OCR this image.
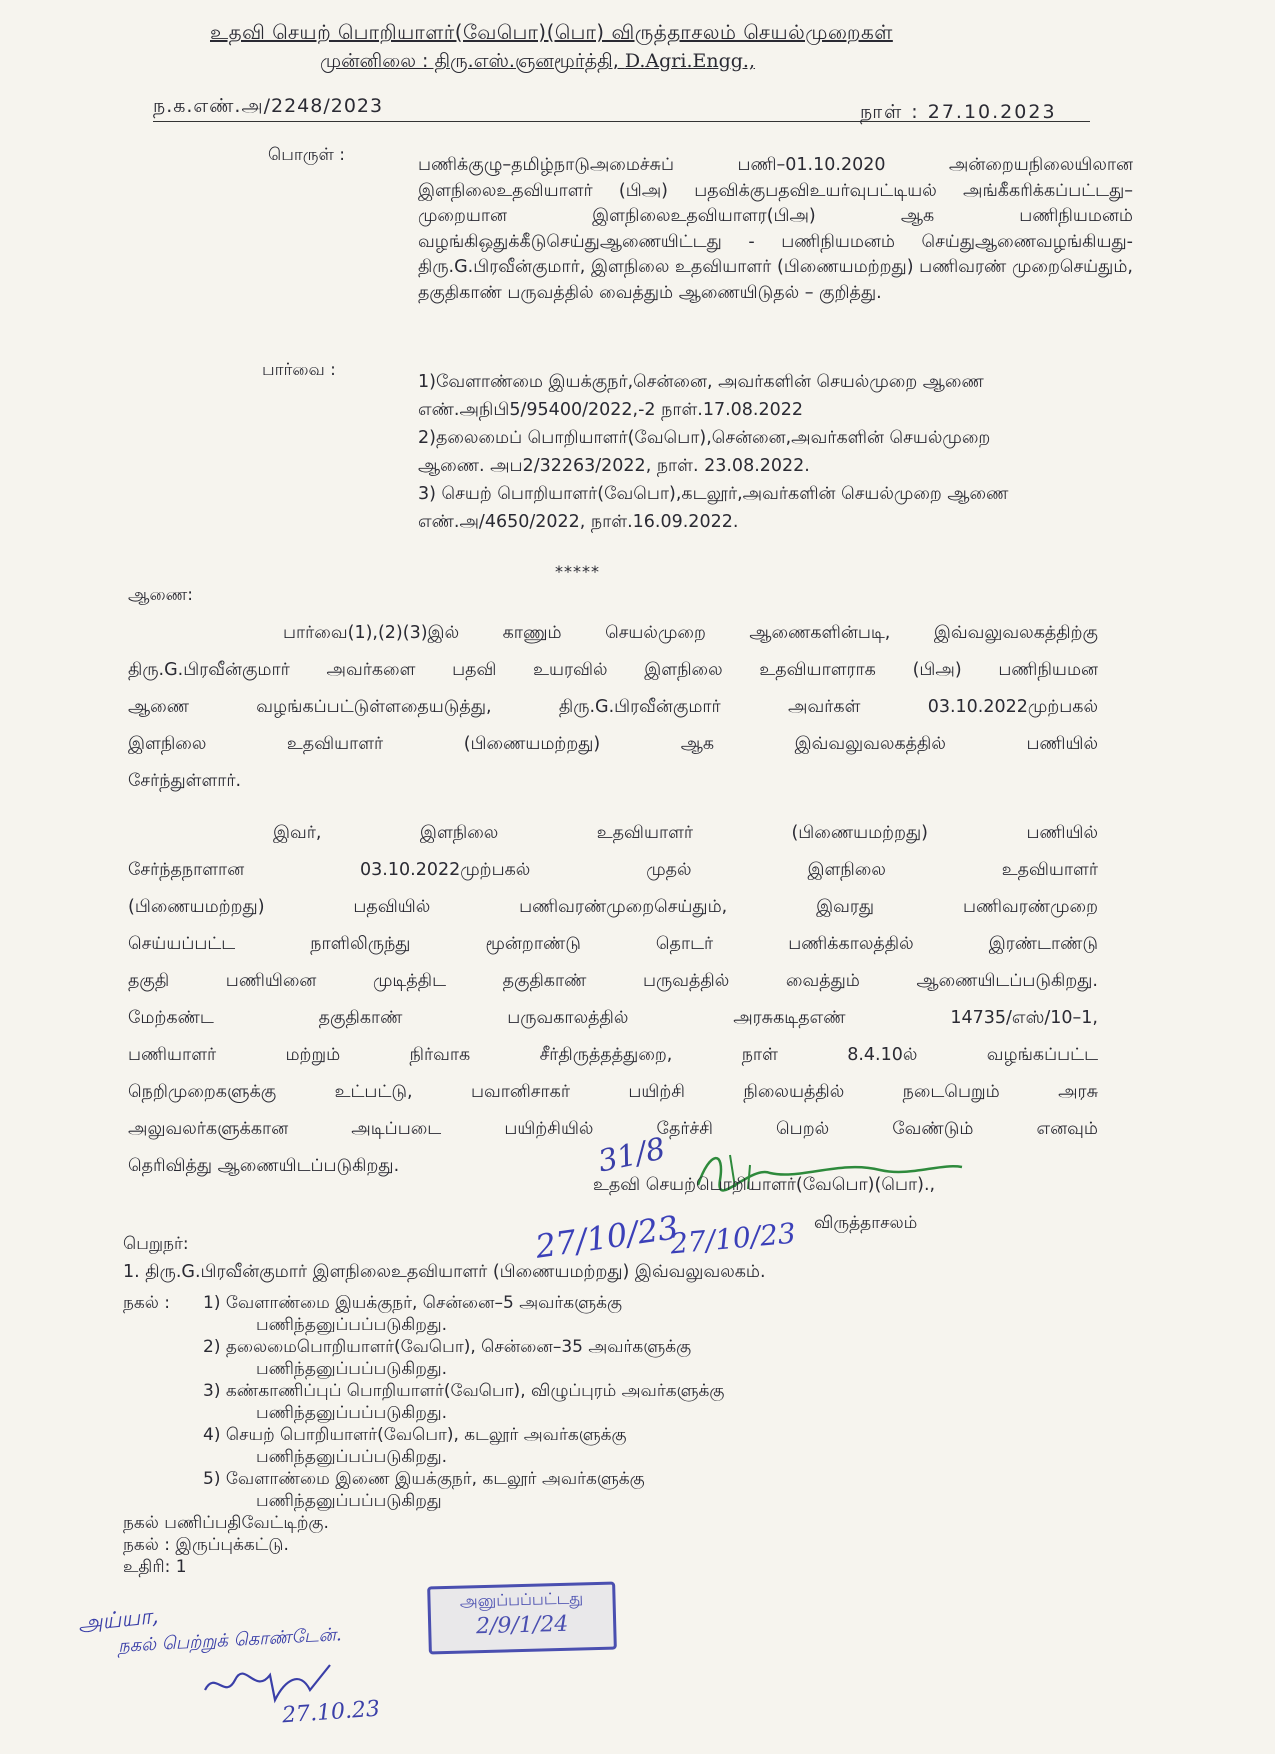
உதவி செயற் பொறியாளர்(வேபொ)(பொ) விருத்தாசலம் செயல்முறைகள்
முன்னிலை : திரு.எஸ்.ஞனமூர்த்தி, D.Agri.Engg.,
ந.க.எண்.அ/2248/2023	நாள் : 27.10.2023
பொருள் :	பணிக்குழு–தமிழ்நாடுஅமைச்சுப் பணி–01.10.2020 அன்றையநிலையிலான இளநிலைஉதவியாளர் (பிஅ) பதவிக்குபதவிஉயர்வுபட்டியல் அங்கீகரிக்கப்பட்டது– முறையான இளநிலைஉதவியாளர(பிஅ) ஆக பணிநியமனம் வழங்கிஒதுக்கீடுசெய்துஆணையிட்டது - பணிநியமனம் செய்துஆணைவழங்கியது- திரு.G.பிரவீன்குமார், இளநிலை உதவியாளர் (பிணையமற்றது) பணிவரண் முறைசெய்தும், தகுதிகாண் பருவத்தில் வைத்தும் ஆணையிடுதல் – குறித்து.
பார்வை :
1)வேளாண்மை இயக்குநர்,சென்னை, அவர்களின் செயல்முறை ஆணை எண்.அநிபி5/95400/2022,-2 நாள்.17.08.2022
2)தலைமைப் பொறியாளர்(வேபொ),சென்னை,அவர்களின் செயல்முறை ஆணை. அப2/32263/2022, நாள். 23.08.2022.
3) செயற் பொறியாளர்(வேபொ),கடலூர்,அவர்களின் செயல்முறை ஆணை எண்.அ/4650/2022, நாள்.16.09.2022.
*****
ஆணை:
பார்வை(1),(2)(3)இல் காணும் செயல்முறை ஆணைகளின்படி, இவ்வலுவலகத்திற்கு
திரு.G.பிரவீன்குமார் அவர்களை பதவி உயரவில் இளநிலை உதவியாளராக (பிஅ) பணிநியமன
ஆணை வழங்கப்பட்டுள்ளதையடுத்து, திரு.G.பிரவீன்குமார் அவர்கள் 03.10.2022முற்பகல்
இளநிலை உதவியாளர் (பிணையமற்றது) ஆக இவ்வலுவலகத்தில் பணியில்
சேர்ந்துள்ளார்.
இவர், இளநிலை உதவியாளர் (பிணையமற்றது) பணியில்
சேர்ந்தநாளான 03.10.2022முற்பகல் முதல் இளநிலை உதவியாளர்
(பிணையமற்றது) பதவியில் பணிவரண்முறைசெய்தும், இவரது பணிவரண்முறை
செய்யப்பட்ட நாளிலிருந்து மூன்றாண்டு தொடர் பணிக்காலத்தில் இரண்டாண்டு
தகுதி பணியினை முடித்திட தகுதிகாண் பருவத்தில் வைத்தும் ஆணையிடப்படுகிறது.
மேற்கண்ட தகுதிகாண் பருவகாலத்தில் அரசுகடிதஎண் 14735/எஸ்/10–1,
பணியாளர் மற்றும் நிர்வாக சீர்திருத்தத்துறை, நாள் 8.4.10ல் வழங்கப்பட்ட
நெறிமுறைகளுக்கு உட்பட்டு, பவானிசாகர் பயிற்சி நிலையத்தில் நடைபெறும் அரசு
அலுவலர்களுக்கான அடிப்படை பயிற்சியில் தேர்ச்சி பெறல் வேண்டும் எனவும்
தெரிவித்து ஆணையிடப்படுகிறது.	31/8
உதவி செயற்பொறியாளர்(வேபொ)(பொ).,
விருத்தாசலம்
27/10/23
27/10/23
பெறுநர்:
1. திரு.G.பிரவீன்குமார் இளநிலைஉதவியாளர் (பிணையமற்றது) இவ்வலுவலகம்.
நகல் : 1) வேளாண்மை இயக்குநர், சென்னை–5 அவர்களுக்கு
பணிந்தனுப்பப்படுகிறது.
2) தலைமைபொறியாளர்(வேபொ), சென்னை–35 அவர்களுக்கு
பணிந்தனுப்பப்படுகிறது.
3) கண்காணிப்புப் பொறியாளர்(வேபொ), விழுப்புரம் அவர்களுக்கு
பணிந்தனுப்பப்படுகிறது.
4) செயற் பொறியாளர்(வேபொ), கடலூர் அவர்களுக்கு
பணிந்தனுப்பப்படுகிறது.
5) வேளாண்மை இணை இயக்குநர், கடலூர் அவர்களுக்கு
பணிந்தனுப்பப்படுகிறது
நகல் பணிப்பதிவேட்டிற்கு.
நகல் : இருப்புக்கட்டு.
உதிரி: 1
அனுப்பப்பட்டது
2/9/1/24
அய்யா,
நகல் பெற்றுக் கொண்டேன்.
27.10.23
